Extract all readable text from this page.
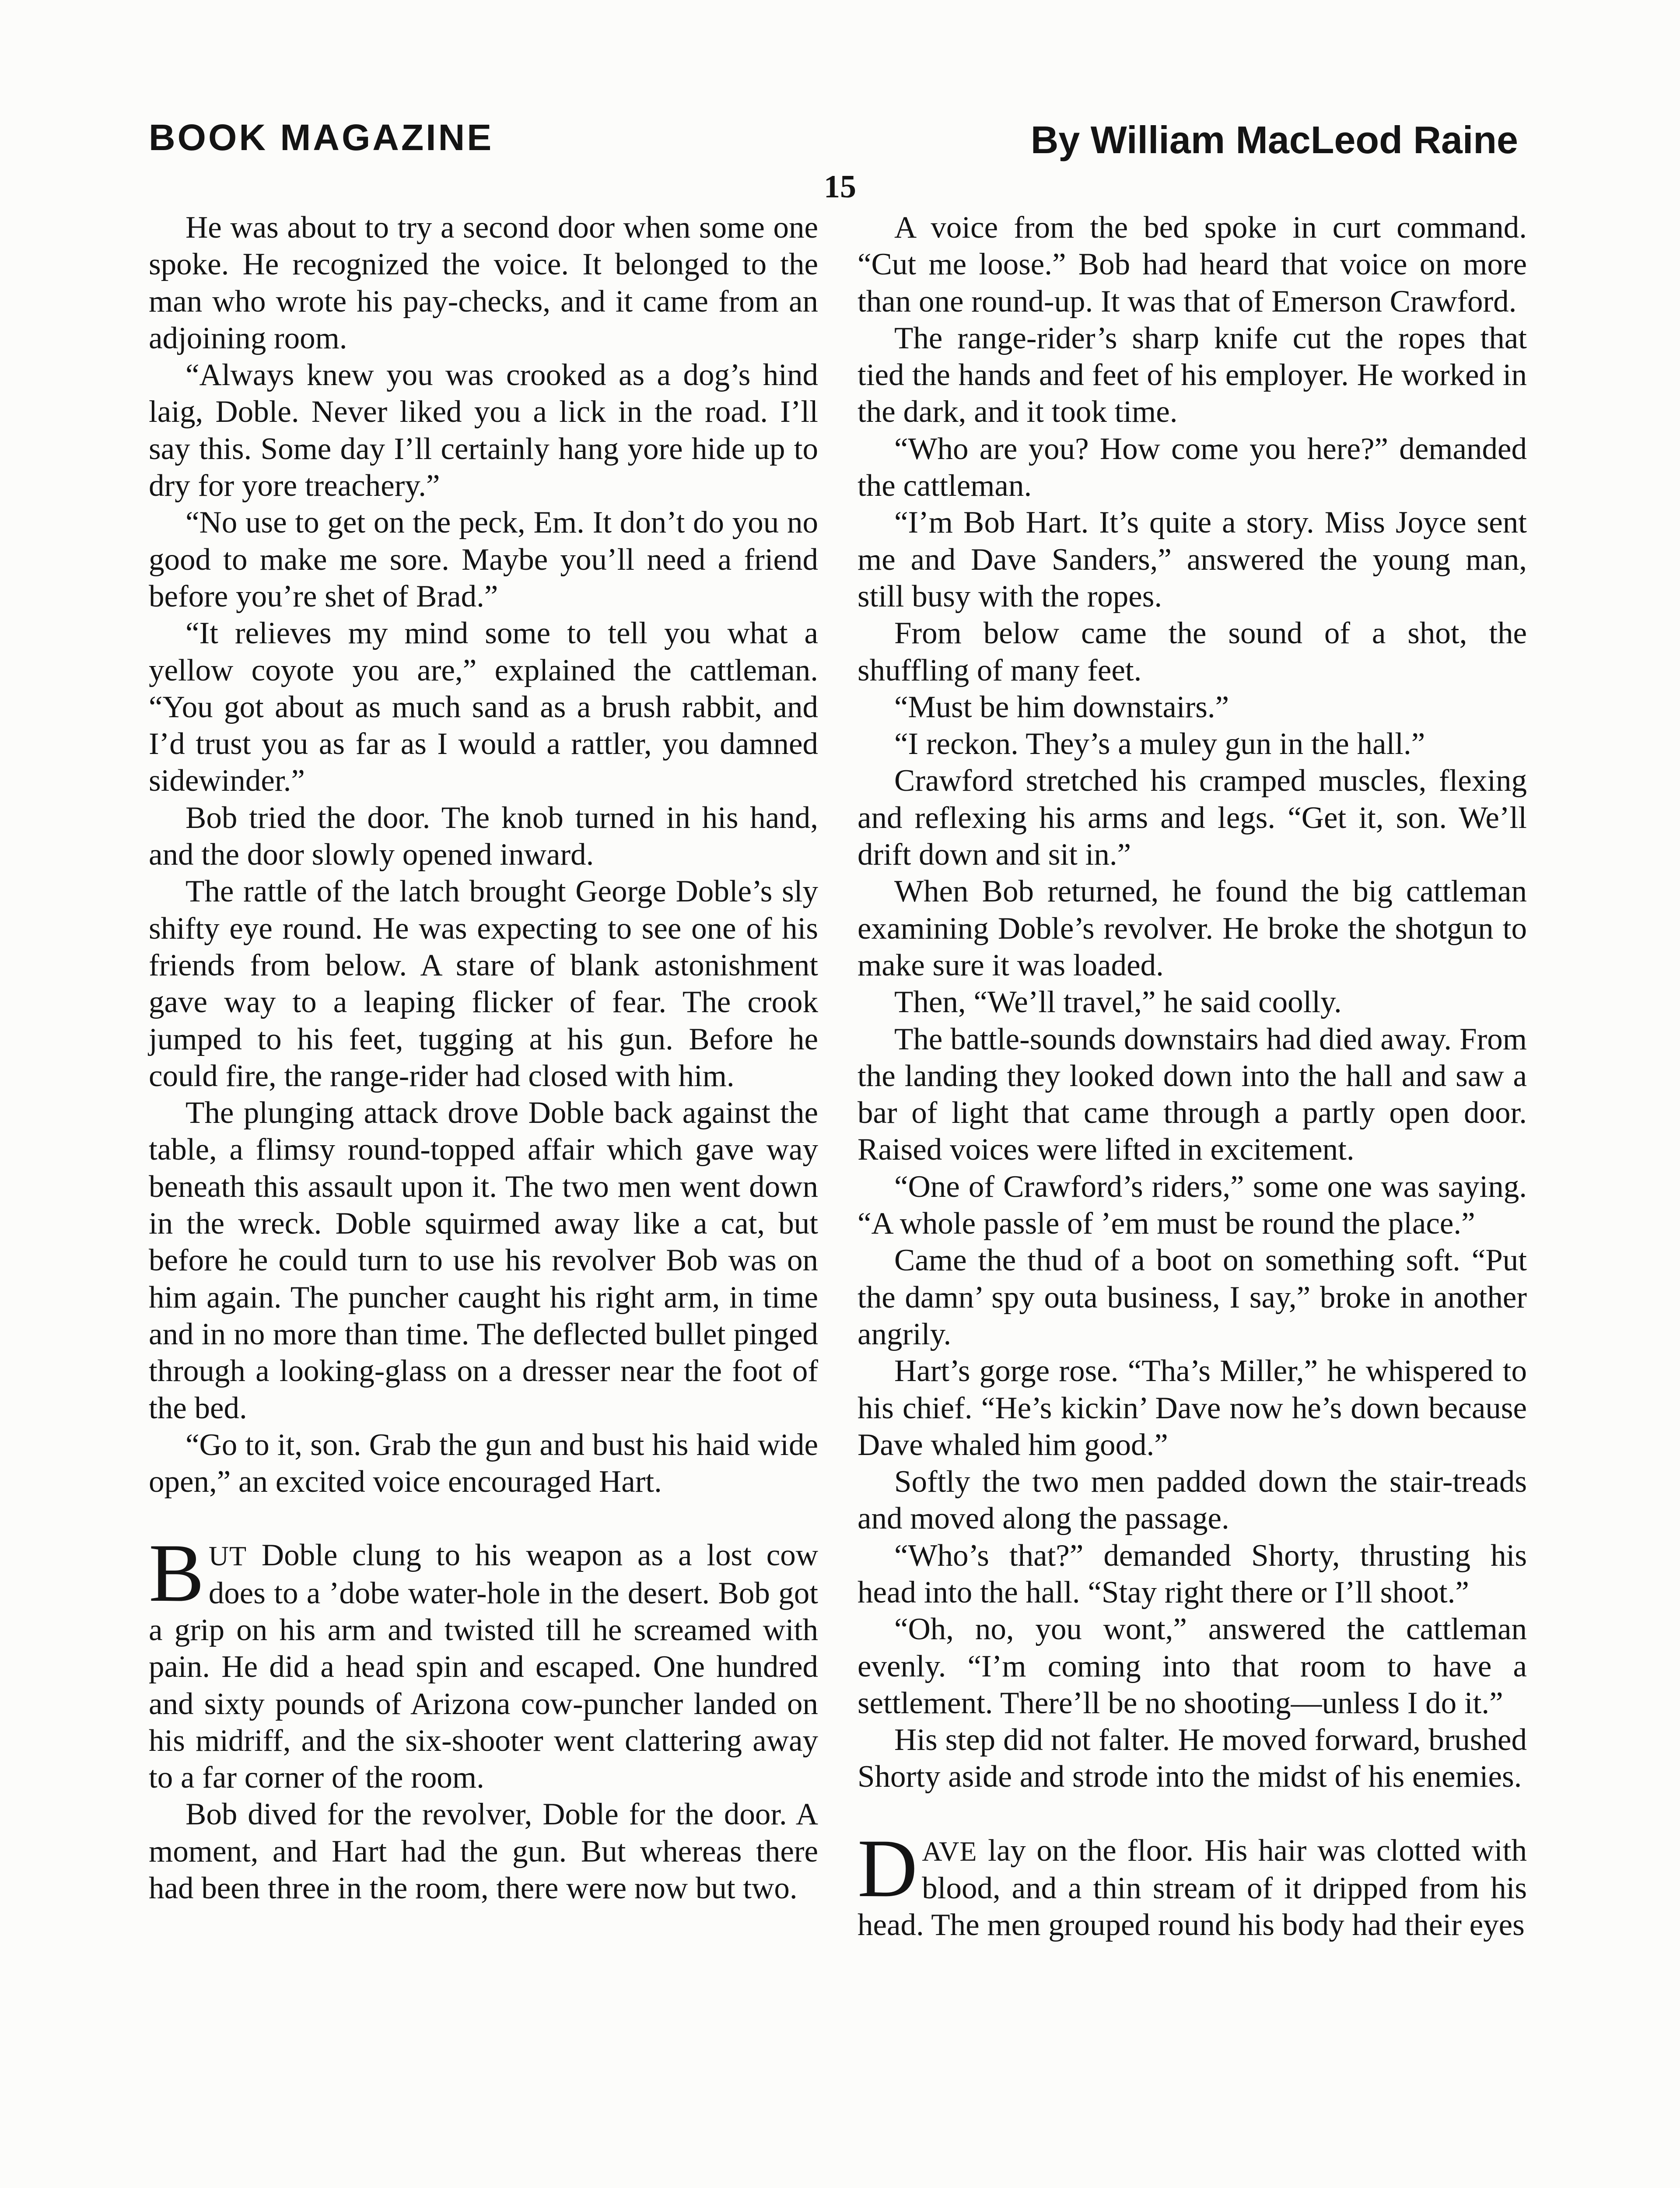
BOOK MAGAZINE	By William MacLeod Raine
15

He was about to try a second door when some one spoke. He recognized the voice. It belonged to the man who wrote his pay-checks, and it came from an adjoining room.

“Always knew you was crooked as a dog’s hind laig, Doble. Never liked you a lick in the road. I’ll say this. Some day I’ll certainly hang yore hide up to dry for yore treachery.”

“No use to get on the peck, Em. It don’t do you no good to make me sore. Maybe you’ll need a friend before you’re shet of Brad.”

“It relieves my mind some to tell you what a yellow coyote you are,” explained the cattleman. “You got about as much sand as a brush rabbit, and I’d trust you as far as I would a rattler, you damned sidewinder.”

Bob tried the door. The knob turned in his hand, and the door slowly opened inward.

The rattle of the latch brought George Doble’s sly shifty eye round. He was expecting to see one of his friends from below. A stare of blank astonishment gave way to a leaping flicker of fear. The crook jumped to his feet, tugging at his gun. Before he could fire, the range-rider had closed with him.

The plunging attack drove Doble back against the table, a flimsy round-topped affair which gave way beneath this assault upon it. The two men went down in the wreck. Doble squirmed away like a cat, but before he could turn to use his revolver Bob was on him again. The puncher caught his right arm, in time and in no more than time. The deflected bullet pinged through a looking-glass on a dresser near the foot of the bed.

“Go to it, son. Grab the gun and bust his haid wide open,” an excited voice encouraged Hart.

BUT Doble clung to his weapon as a lost cow does to a ’dobe water-hole in the desert. Bob got a grip on his arm and twisted till he screamed with pain. He did a head spin and escaped. One hundred and sixty pounds of Arizona cow-puncher landed on his midriff, and the six-shooter went clattering away to a far corner of the room.

Bob dived for the revolver, Doble for the door. A moment, and Hart had the gun. But whereas there had been three in the room, there were now but two.

A voice from the bed spoke in curt command. “Cut me loose.” Bob had heard that voice on more than one round-up. It was that of Emerson Crawford.

The range-rider’s sharp knife cut the ropes that tied the hands and feet of his employer. He worked in the dark, and it took time.

“Who are you? How come you here?” demanded the cattleman.

“I’m Bob Hart. It’s quite a story. Miss Joyce sent me and Dave Sanders,” answered the young man, still busy with the ropes.

From below came the sound of a shot, the shuffling of many feet.

“Must be him downstairs.”

“I reckon. They’s a muley gun in the hall.”

Crawford stretched his cramped muscles, flexing and reflexing his arms and legs. “Get it, son. We’ll drift down and sit in.”

When Bob returned, he found the big cattleman examining Doble’s revolver. He broke the shotgun to make sure it was loaded.

Then, “We’ll travel,” he said coolly.

The battle-sounds downstairs had died away. From the landing they looked down into the hall and saw a bar of light that came through a partly open door. Raised voices were lifted in excitement.

“One of Crawford’s riders,” some one was saying. “A whole passle of ’em must be round the place.”

Came the thud of a boot on something soft. “Put the damn’ spy outa business, I say,” broke in another angrily.

Hart’s gorge rose. “Tha’s Miller,” he whispered to his chief. “He’s kickin’ Dave now he’s down because Dave whaled him good.”

Softly the two men padded down the stair-treads and moved along the passage.

“Who’s that?” demanded Shorty, thrusting his head into the hall. “Stay right there or I’ll shoot.”

“Oh, no, you wont,” answered the cattleman evenly. “I’m coming into that room to have a settlement. There’ll be no shooting—unless I do it.”

His step did not falter. He moved forward, brushed Shorty aside and strode into the midst of his enemies.

DAVE lay on the floor. His hair was clotted with blood, and a thin stream of it dripped from his head. The men grouped round his body had their eyes
